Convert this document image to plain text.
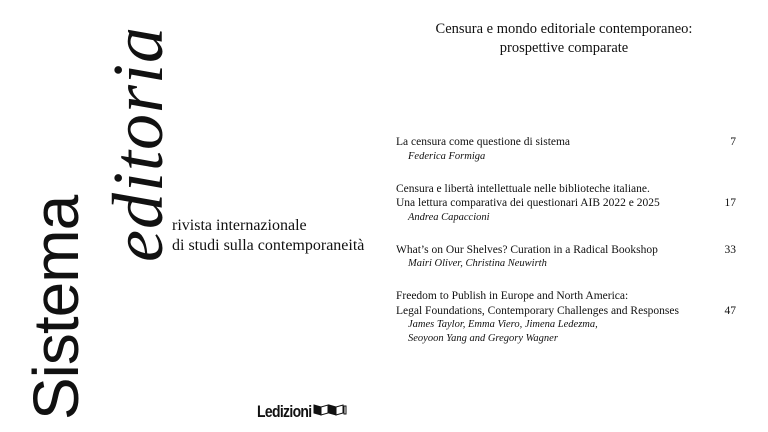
Sistema
editoria
rivista internazionale
di studi sulla contemporaneità
Ledizioni
Censura e mondo editoriale contemporaneo:
prospettive comparate
7
La censura come questione di sistema
Federica Formiga
17
Censura e libertà intellettuale nelle biblioteche italiane.
Una lettura comparativa dei questionari AIB 2022 e 2025
Andrea Capaccioni
33
What’s on Our Shelves? Curation in a Radical Bookshop
Mairi Oliver, Christina Neuwirth
47
Freedom to Publish in Europe and North America:
Legal Foundations, Contemporary Challenges and Responses
James Taylor, Emma Viero, Jimena Ledezma,
Seoyoon Yang and Gregory Wagner
